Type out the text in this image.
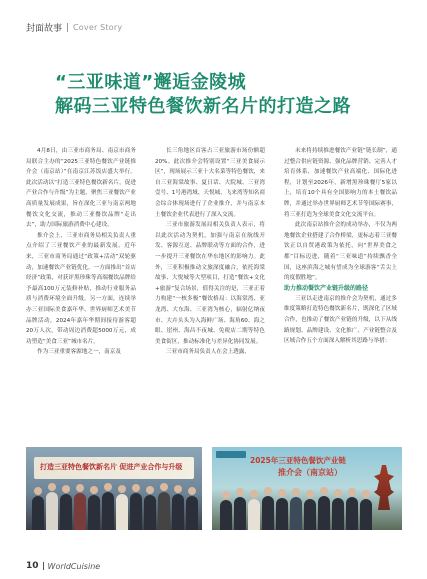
封面故事 Cover Story
“三亚味道”邂逅金陵城
解码三亚特色餐饮新名片的打造之路

4月8日，由三亚市商务局、南京市商务局联合主办的“2025三亚特色餐饮产业链推介会（南京站）”在南京江苏饭店盛大举行。此次活动以“打造三亚特色餐饮新名片，促进产业合作与升级”为主题，聚焦三亚餐饮产业高质量发展成果，旨在深化三亚与南京两地餐饮文化交流，推动三亚餐饮品牌“走出去”，助力国际旅游消费中心建设。

推介会上，三亚市商务局相关负责人重点介绍了三亚餐饮产业的最新发展。近年来，三亚市商务局通过“政策+活动”双轮驱动，加速餐饮产业链优化。一方面推出“首店经济”政策，对获评黑珍珠等高端餐饮品牌给予最高100万元装修补贴，推动行业服务品质与消费环境全面升级。另一方面，连续举办三亚国际美食嘉年华、世界厨师艺术美节品牌活动，2024年嘉年华期间接待游客超20万人次，带动周边消费超5000万元，成功塑造“美食三亚”城市名片。

作为三亚重要客源地之一，南京及

长三角地区首客占三亚旅游市场份额超20%。此次推介会特别设置“三亚美食展示区”，现场展示三亚十大名菜等特色餐饮，来自三亚海棠故事、夏日话、大院城、三亚湾壹号、1号港湾域、天悦城、飞来湾等知名商会综合体现场进行了企业推介，并与南京本土餐饮企业代表进行了深入交流。

三亚市旅游发展局相关负责人表示，将以此次活动为契机，加强与南京在航线开发、客源互送、品牌联动等方面的合作，进一步提升三亚餐饮在华东地区的影响力。此外，三亚积极推动文旅深度融合，依托海棠故事、大悦城等大型项目，打造“餐饮+文化+旅游”复合场景，值得关注的是，三亚正着力构建“一核多极”餐饮格局：以海棠湾、亚龙湾、大东海、三亚湾为核心，辐射亿纳夜市、大卉头头为入海鲜广场、海角60、海之眼、崖州、海昌不夜城、免税店二期等特色美食街区，推动标准化与差异化协同发展。

三亚市商务局负责人在会上透露，

未来将持续推进餐饮产业链“链长制”，通过整合供应链资源、强化品牌营销、完善人才培育体系，加速餐饮产业高端化、国际化进程，计划至2026年，新增黑珍珠餐厅5家以上，培育10个具有全国影响力的本土餐饮品牌，并通过举办世界厨师艺术节等国际赛事，将三亚打造为全球美食文化交流平台。

此次南京站推介会的成功举办，不仅为两地餐饮企业搭建了合作桥梁，更标志着三亚餐饮正以自贸港政策为依托，向“世界美食之都”目标迈进，随着“三亚味道”持续飘香全国，这座滨海之城有望成为全球游客“舌尖上的度假胜地”。

助力推动餐饮产业链升级的路径

三亚以走进南京的推介会为契机，通过多维度策略打造特色餐饮新名片，既深化了区域合作，也推动了餐饮产业链的升级，以下从线路规划、品牌建设、文化推广、产业链整合及区域合作五个方面深入解析其思路与举措：

打造三亚特色餐饮新名片 促进产业合作与升级
2025年三亚特色餐饮产业链
推介会（南京站）
10 WorldCuisine
